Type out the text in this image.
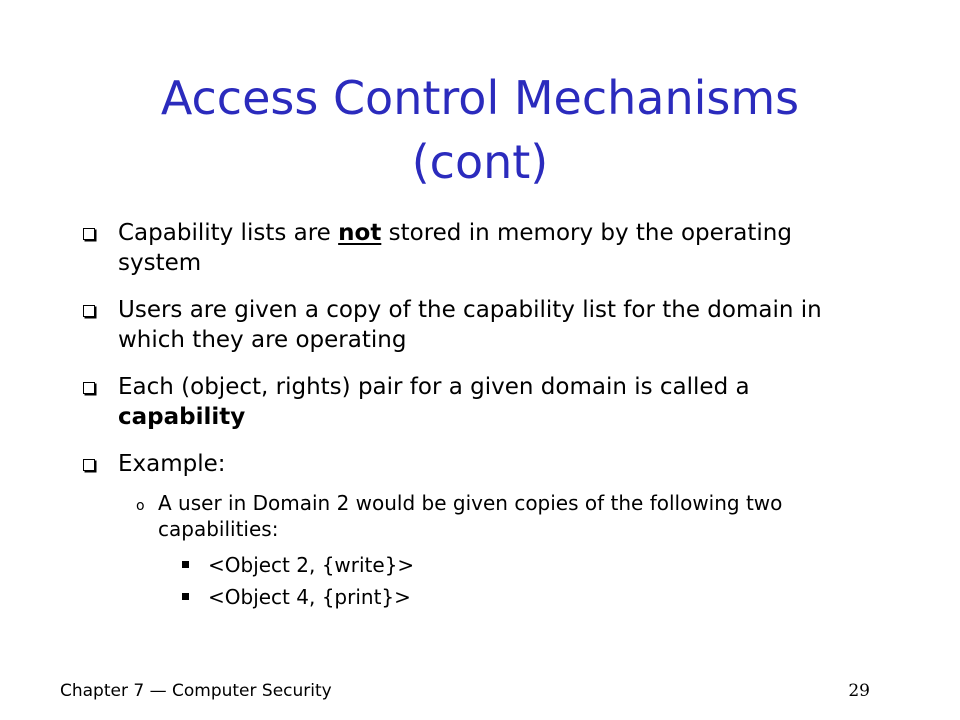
Access Control Mechanisms
(cont)
Capability lists are not stored in memory by the operating system
Users are given a copy of the capability list for the domain in which they are operating
Each (object, rights) pair for a given domain is called a capability
Example:
o A user in Domain 2 would be given copies of the following two capabilities:
<Object 2, {write}>
<Object 4, {print}>
Chapter 7 — Computer Security	29
